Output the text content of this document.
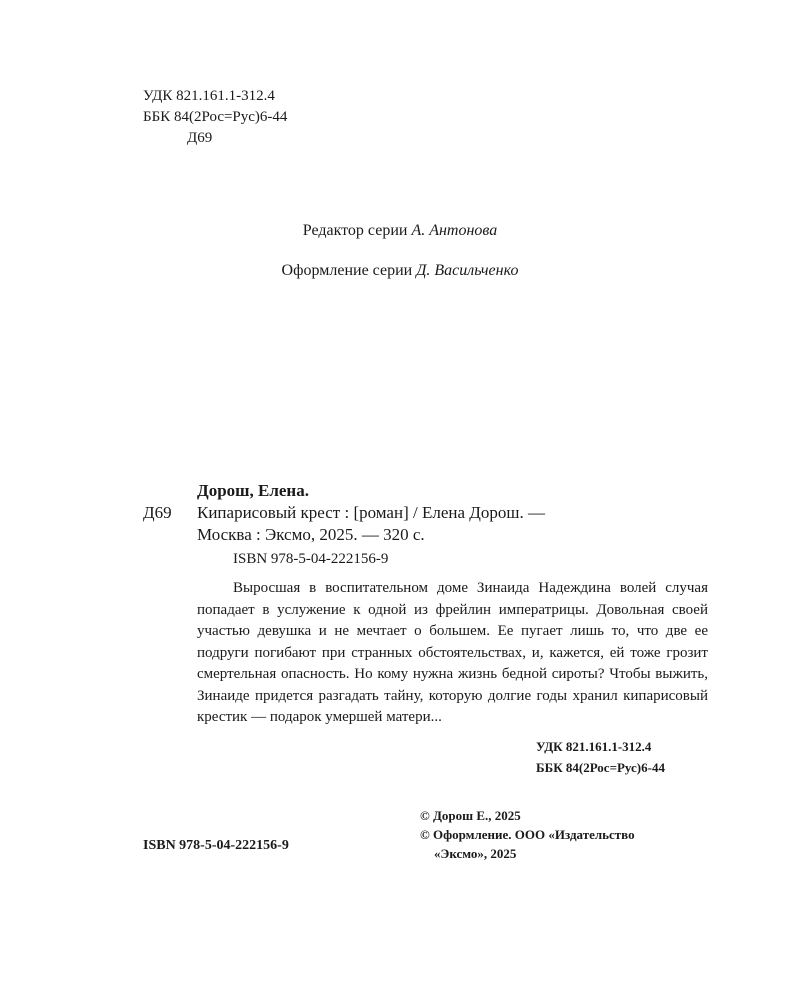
УДК 821.161.1-312.4
ББК 84(2Рос=Рус)6-44
Д69
Редактор серии А. Антонова
Оформление серии Д. Васильченко
Дорош, Елена.
Д69 Кипарисовый крест : [роман] / Елена Дорош. —
Москва : Эксмо, 2025. — 320 с.
ISBN 978-5-04-222156-9

Выросшая в воспитательном доме Зинаида Надеждина волей случая попадает в услужение к одной из фрейлин императрицы. Довольная своей участью девушка и не мечтает о большем. Ее пугает лишь то, что две ее подруги погибают при странных обстоятельствах, и, кажется, ей тоже грозит смертельная опасность. Но кому нужна жизнь бедной сироты? Чтобы выжить, Зинаиде придется разгадать тайну, которую долгие годы хранил кипарисовый крестик — подарок умершей матери...

УДК 821.161.1-312.4
ББК 84(2Рос=Рус)6-44
© Дорош Е., 2025
© Оформление. ООО «Издательство
«Эксмо», 2025
ISBN 978-5-04-222156-9
